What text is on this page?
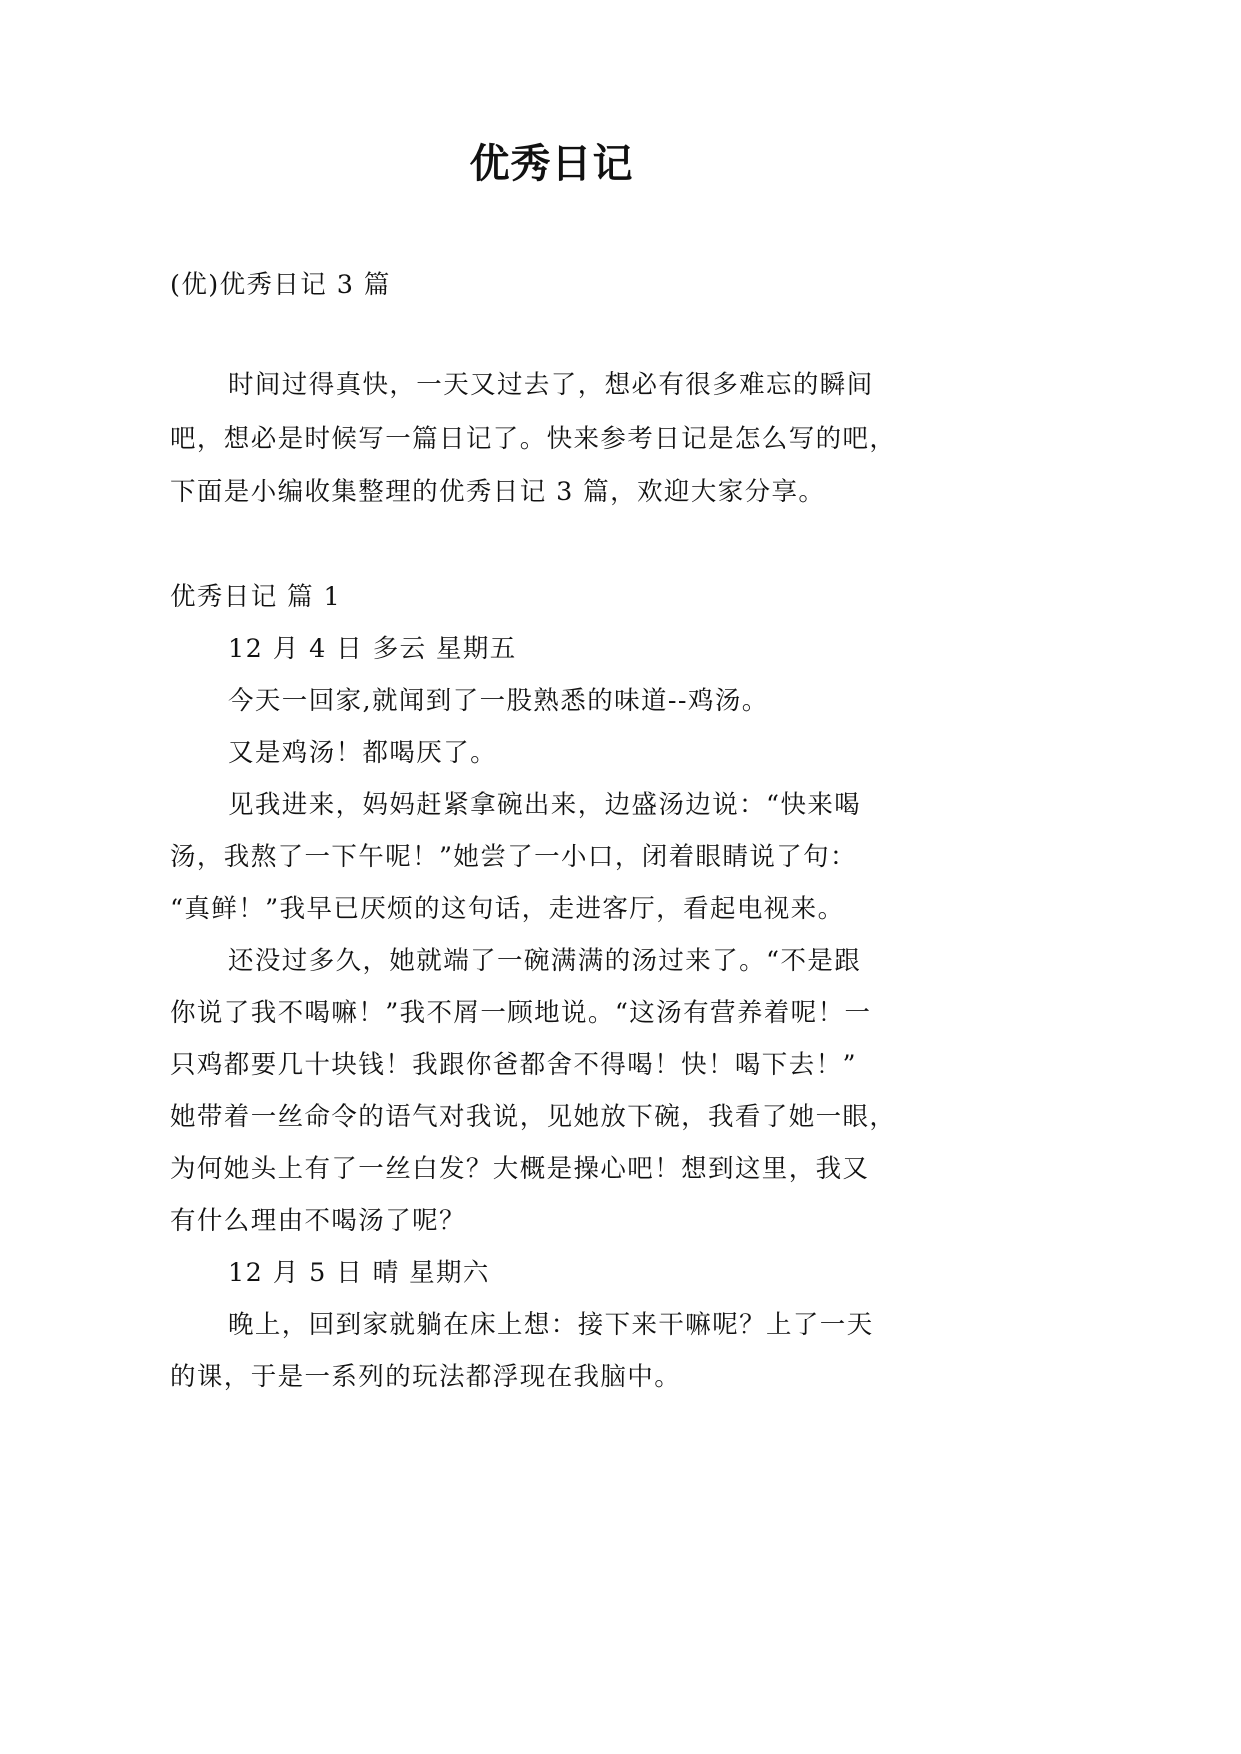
优秀日记
(优)优秀日记 3 篇
时间过得真快，一天又过去了，想必有很多难忘的瞬间
吧，想必是时候写一篇日记了。快来参考日记是怎么写的吧，
下面是小编收集整理的优秀日记 3 篇，欢迎大家分享。
优秀日记 篇 1
12 月 4 日 多云 星期五
今天一回家,就闻到了一股熟悉的味道--鸡汤。
又是鸡汤！都喝厌了。
见我进来，妈妈赶紧拿碗出来，边盛汤边说：“快来喝
汤，我熬了一下午呢！”她尝了一小口，闭着眼睛说了句：
“真鲜！”我早已厌烦的这句话，走进客厅，看起电视来。
还没过多久，她就端了一碗满满的汤过来了。“不是跟
你说了我不喝嘛！”我不屑一顾地说。“这汤有营养着呢！一
只鸡都要几十块钱！我跟你爸都舍不得喝！快！喝下去！”
她带着一丝命令的语气对我说，见她放下碗，我看了她一眼，
为何她头上有了一丝白发？大概是操心吧！想到这里，我又
有什么理由不喝汤了呢？
12 月 5 日 晴 星期六
晚上，回到家就躺在床上想：接下来干嘛呢？上了一天
的课，于是一系列的玩法都浮现在我脑中。
